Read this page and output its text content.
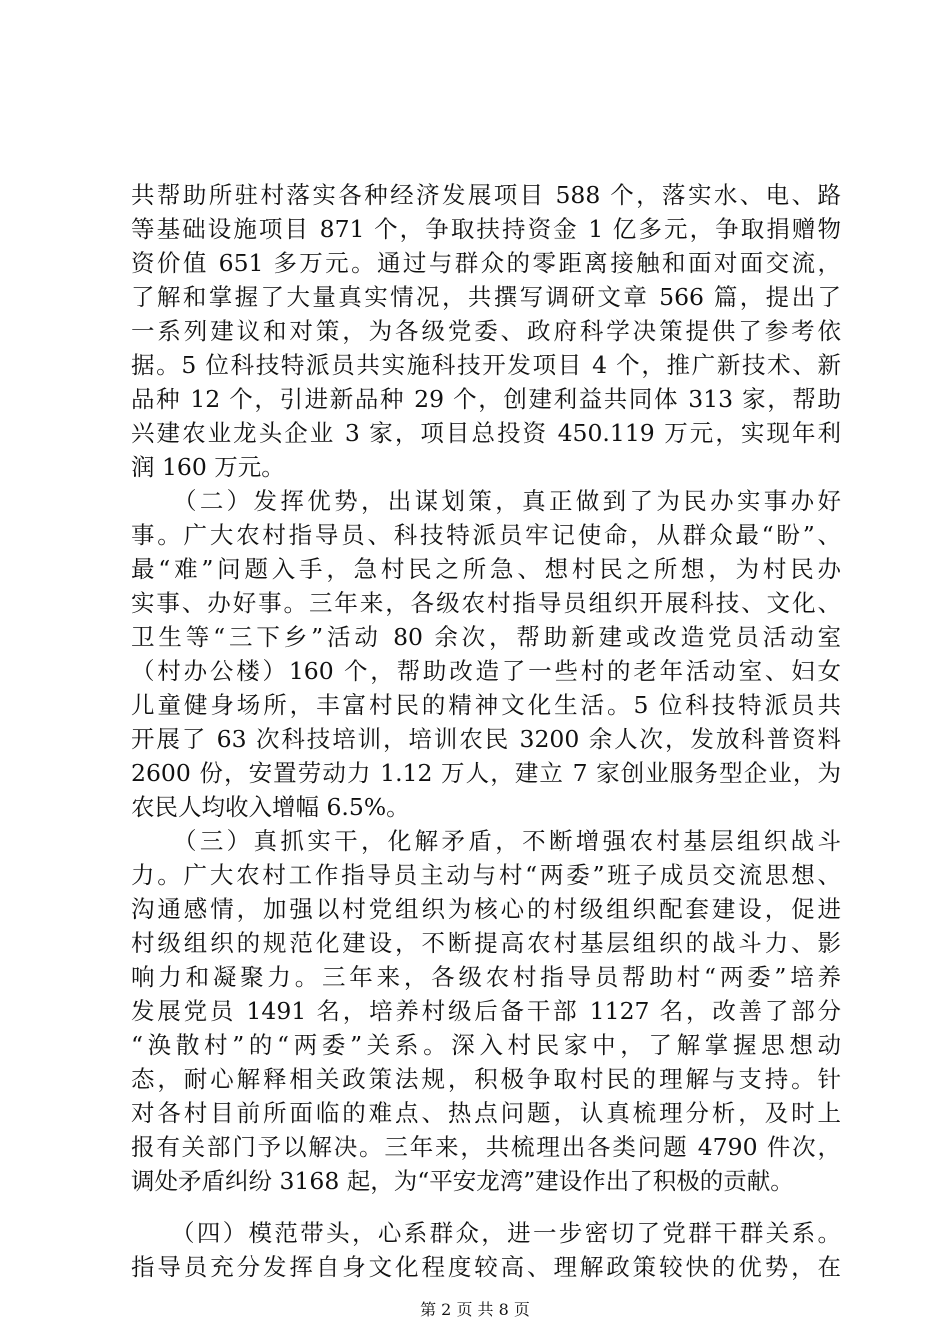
共帮助所驻村落实各种经济发展项目 588 个，落实水、电、路
等基础设施项目 871 个，争取扶持资金 1 亿多元，争取捐赠物
资价值 651 多万元。通过与群众的零距离接触和面对面交流，
了解和掌握了大量真实情况，共撰写调研文章 566 篇，提出了
一系列建议和对策，为各级党委、政府科学决策提供了参考依
据。5 位科技特派员共实施科技开发项目 4 个，推广新技术、新
品种 12 个，引进新品种 29 个，创建利益共同体 313 家，帮助
兴建农业龙头企业 3 家，项目总投资 450.119 万元，实现年利
润 160 万元。
　　（二）发挥优势，出谋划策，真正做到了为民办实事办好
事。广大农村指导员、科技特派员牢记使命，从群众最“盼”、
最“难”问题入手，急村民之所急、想村民之所想，为村民办
实事、办好事。三年来，各级农村指导员组织开展科技、文化、
卫生等“三下乡”活动 80 余次，帮助新建或改造党员活动室
（村办公楼）160 个，帮助改造了一些村的老年活动室、妇女
儿童健身场所，丰富村民的精神文化生活。5 位科技特派员共
开展了 63 次科技培训，培训农民 3200 余人次，发放科普资料
2600 份，安置劳动力 1.12 万人，建立 7 家创业服务型企业，为
农民人均收入增幅 6.5%。
　　（三）真抓实干，化解矛盾，不断增强农村基层组织战斗
力。广大农村工作指导员主动与村“两委”班子成员交流思想、
沟通感情，加强以村党组织为核心的村级组织配套建设，促进
村级组织的规范化建设，不断提高农村基层组织的战斗力、影
响力和凝聚力。三年来，各级农村指导员帮助村“两委”培养
发展党员 1491 名，培养村级后备干部 1127 名，改善了部分
“涣散村”的“两委”关系。深入村民家中，了解掌握思想动
态，耐心解释相关政策法规，积极争取村民的理解与支持。针
对各村目前所面临的难点、热点问题，认真梳理分析，及时上
报有关部门予以解决。三年来，共梳理出各类问题 4790 件次，
调处矛盾纠纷 3168 起，为“平安龙湾”建设作出了积极的贡献。
　　（四）模范带头，心系群众，进一步密切了党群干群关系。
指导员充分发挥自身文化程度较高、理解政策较快的优势，在
第 2 页 共 8 页
